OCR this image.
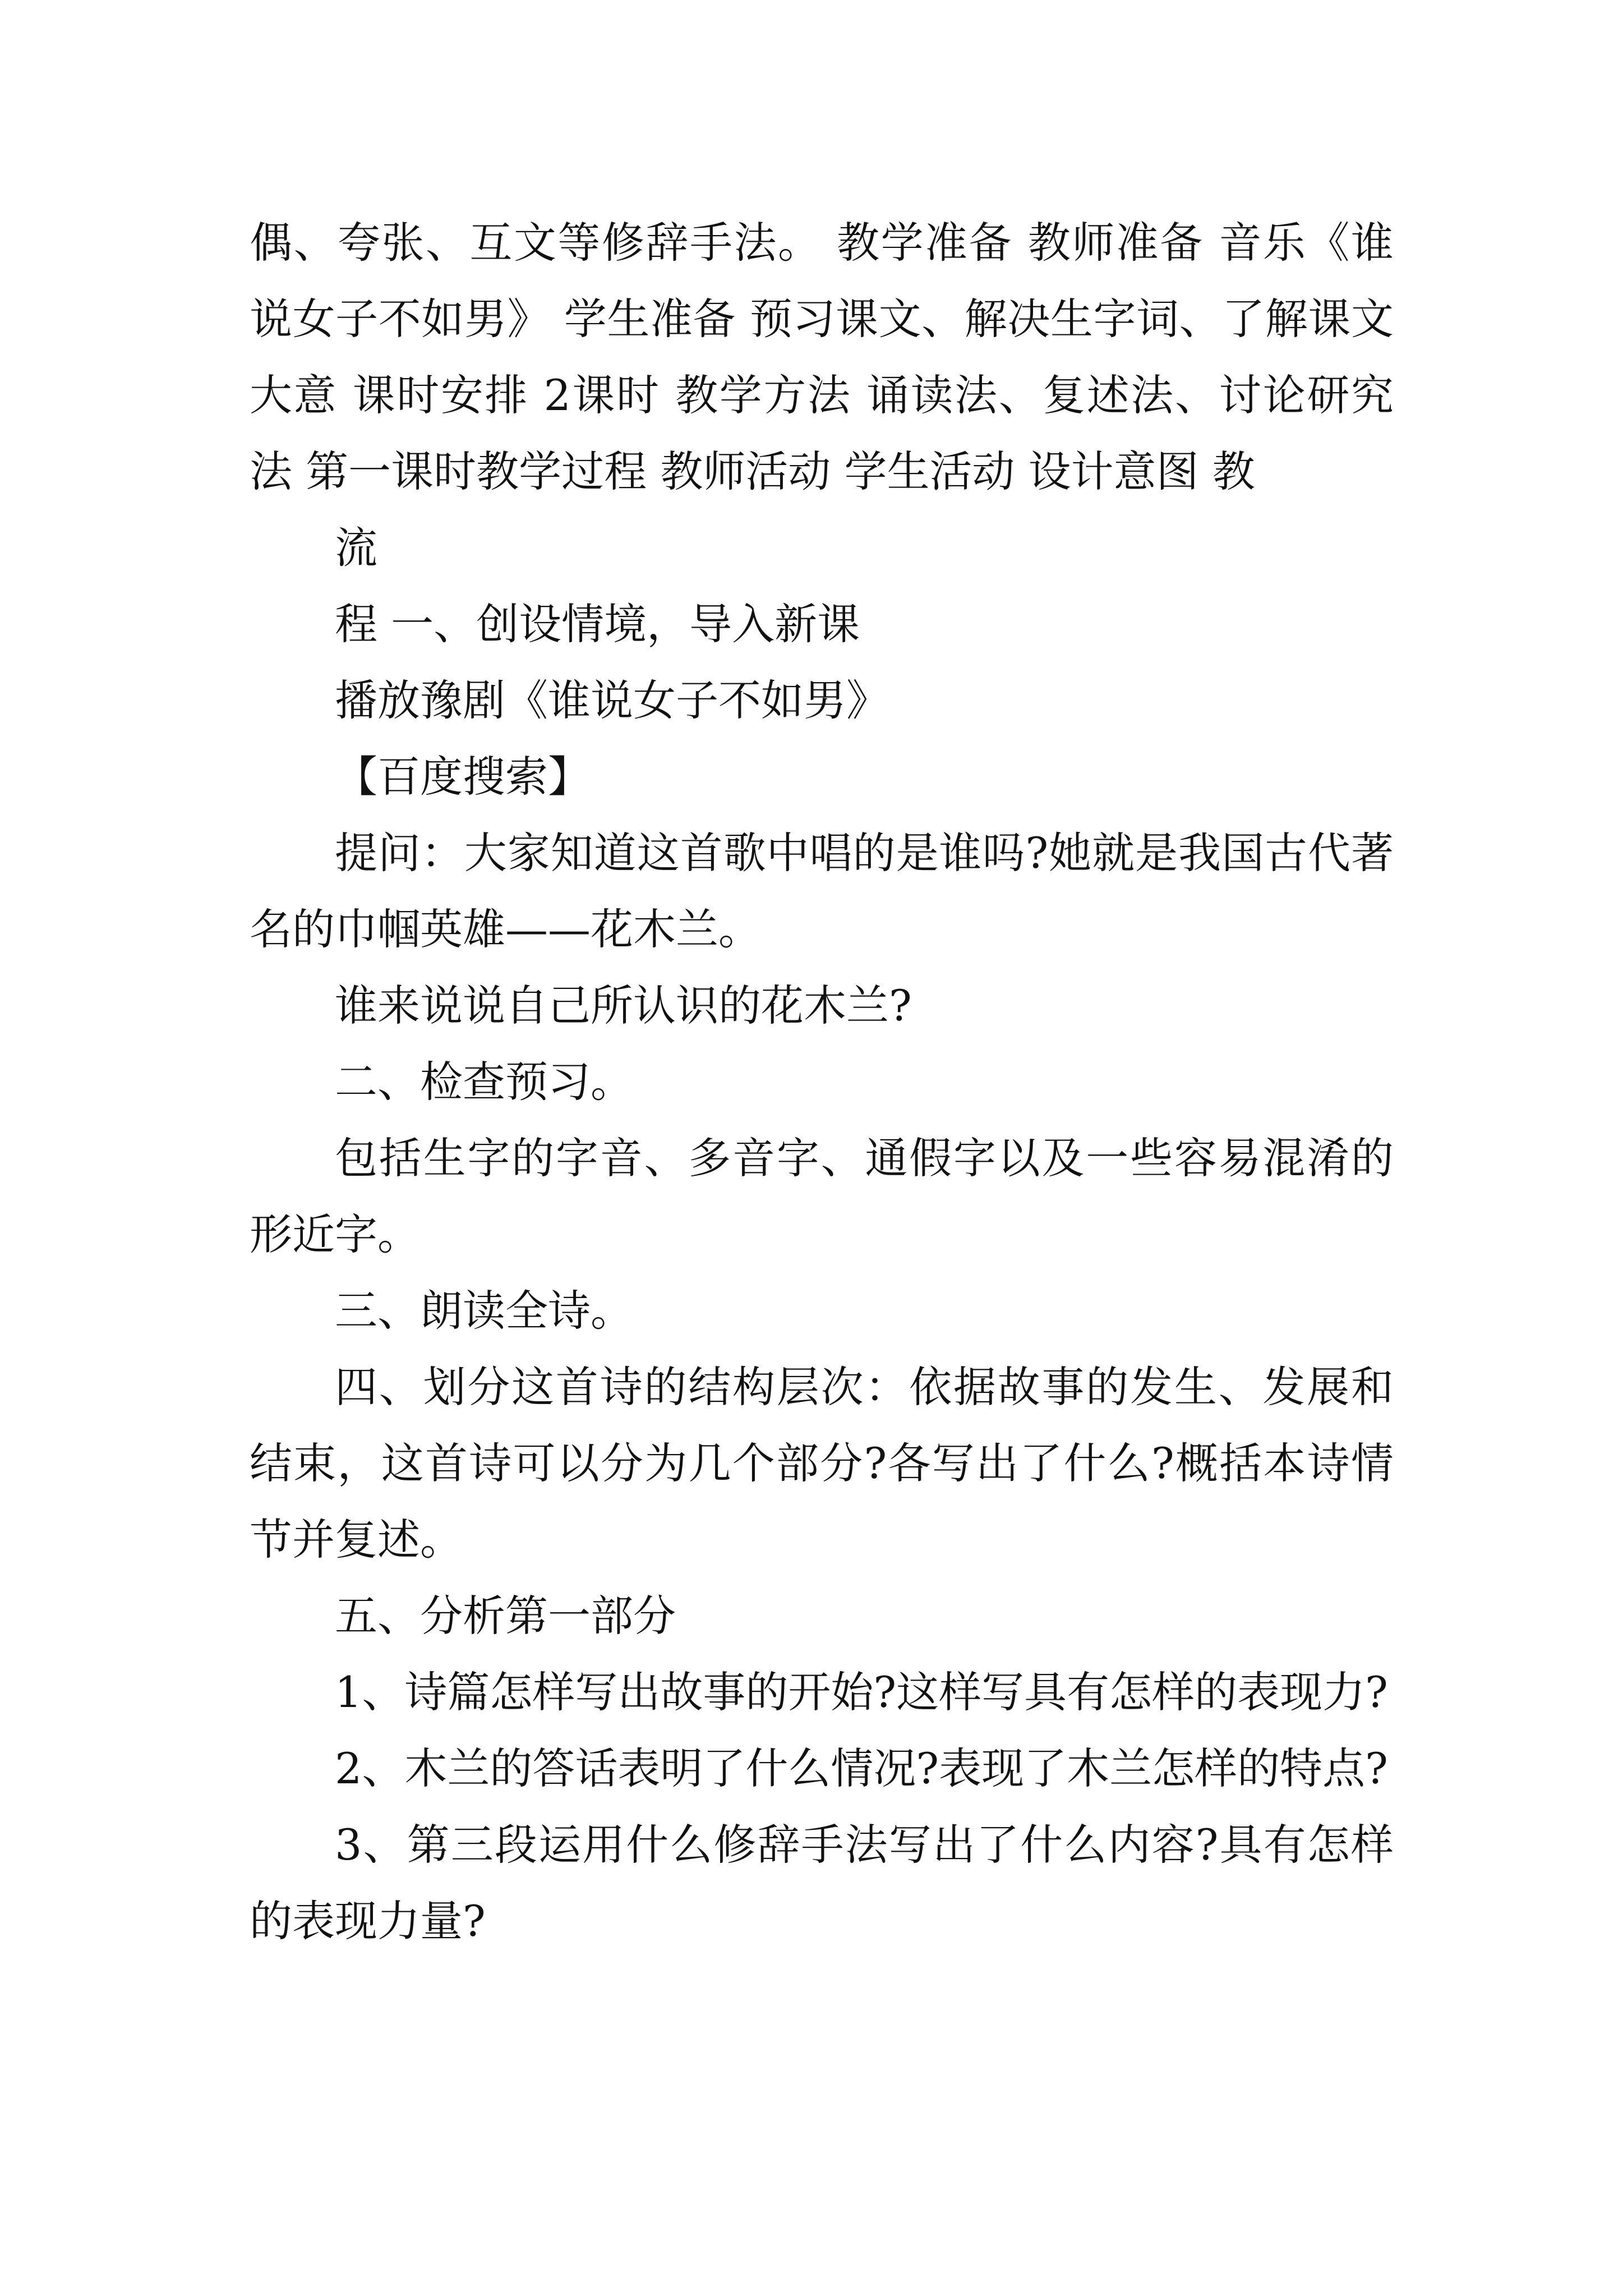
偶、夸张、互文等修辞手法。 教学准备 教师准备 音乐《谁说女子不如男》 学生准备 预习课文、解决生字词、了解课文大意 课时安排 2课时 教学方法 诵读法、复述法、讨论研究法 第一课时教学过程 教师活动 学生活动 设计意图 教

流

程 一、创设情境，导入新课

播放豫剧《谁说女子不如男》

【百度搜索】

提问：大家知道这首歌中唱的是谁吗?她就是我国古代著名的巾帼英雄——花木兰。

谁来说说自己所认识的花木兰?

二、检查预习。

包括生字的字音、多音字、通假字以及一些容易混淆的形近字。

三、朗读全诗。

四、划分这首诗的结构层次：依据故事的发生、发展和结束，这首诗可以分为几个部分?各写出了什么?概括本诗情节并复述。

五、分析第一部分

1、诗篇怎样写出故事的开始?这样写具有怎样的表现力?

2、木兰的答话表明了什么情况?表现了木兰怎样的特点?

3、第三段运用什么修辞手法写出了什么内容?具有怎样的表现力量?
